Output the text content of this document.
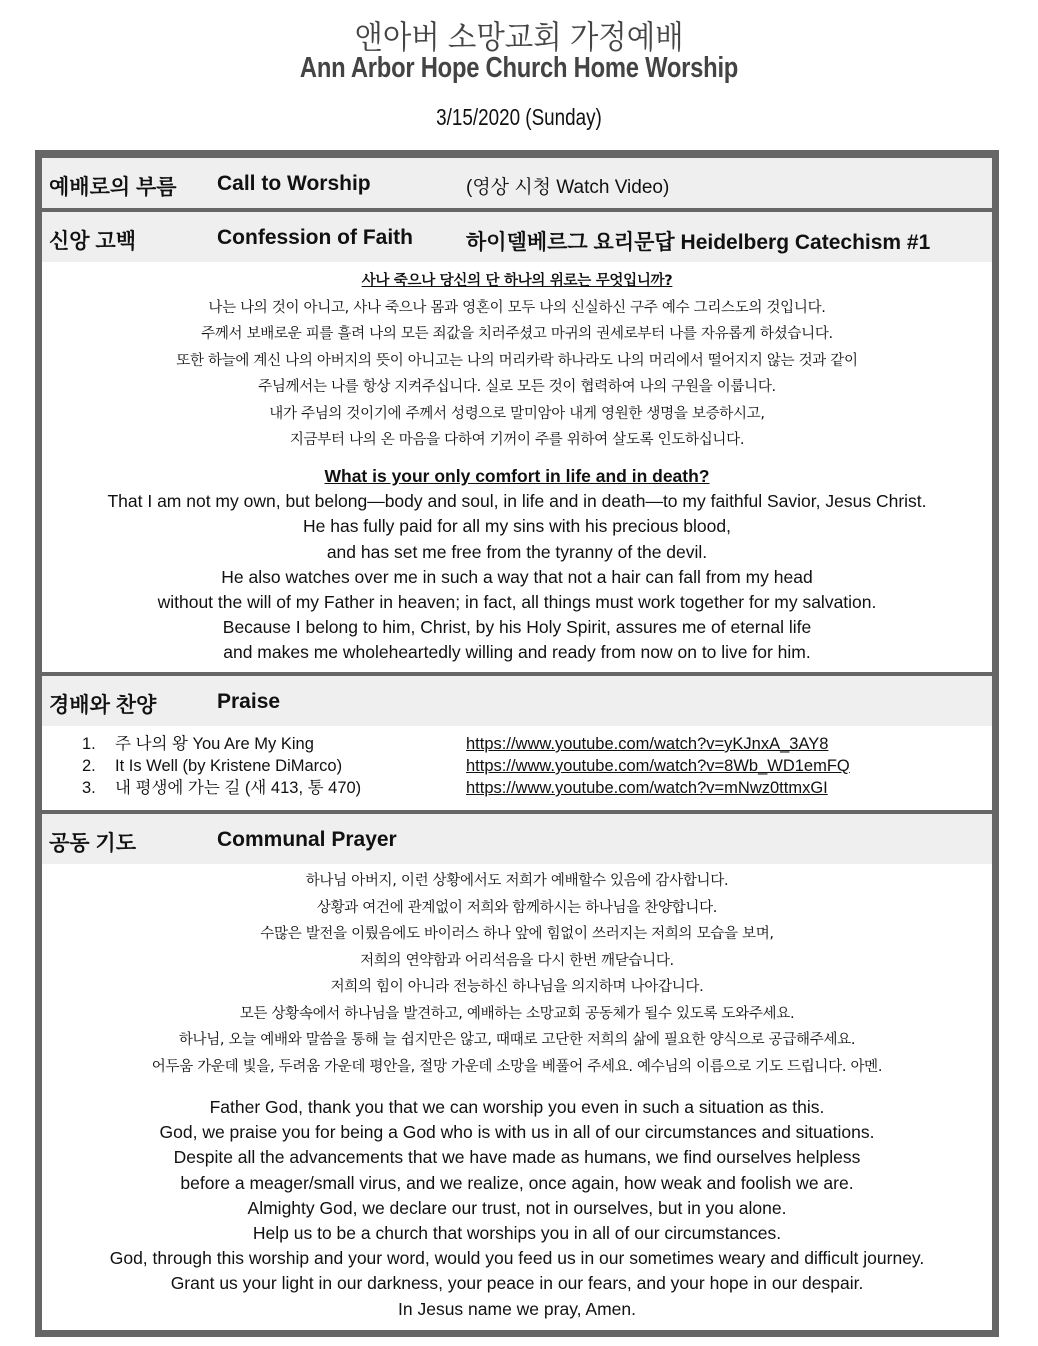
앤아버 소망교회 가정예배
Ann Arbor Hope Church Home Worship
3/15/2020 (Sunday)
예배로의 부름 Call to Worship	(영상 시청 Watch Video)
신앙 고백	Confession of Faith	하이델베르그 요리문답 Heidelberg Catechism #1
사나 죽으나 당신의 단 하나의 위로는 무엇입니까?
나는 나의 것이 아니고, 사나 죽으나 몸과 영혼이 모두 나의 신실하신 구주 예수 그리스도의 것입니다.
주께서 보배로운 피를 흘려 나의 모든 죄값을 치러주셨고 마귀의 권세로부터 나를 자유롭게 하셨습니다.
또한 하늘에 계신 나의 아버지의 뜻이 아니고는 나의 머리카락 하나라도 나의 머리에서 떨어지지 않는 것과 같이
주님께서는 나를 항상 지켜주십니다. 실로 모든 것이 협력하여 나의 구원을 이룹니다.
내가 주님의 것이기에 주께서 성령으로 말미암아 내게 영원한 생명을 보증하시고,
지금부터 나의 온 마음을 다하여 기꺼이 주를 위하여 살도록 인도하십니다.
What is your only comfort in life and in death?
That I am not my own, but belong—body and soul, in life and in death—to my faithful Savior, Jesus Christ.
He has fully paid for all my sins with his precious blood,
and has set me free from the tyranny of the devil.
He also watches over me in such a way that not a hair can fall from my head
without the will of my Father in heaven; in fact, all things must work together for my salvation.
Because I belong to him, Christ, by his Holy Spirit, assures me of eternal life
and makes me wholeheartedly willing and ready from now on to live for him.
경배와 찬양	Praise
1. 주 나의 왕 You Are My King	https://www.youtube.com/watch?v=yKJnxA_3AY8
2. It Is Well (by Kristene DiMarco)	https://www.youtube.com/watch?v=8Wb_WD1emFQ
3. 내 평생에 가는 길 (새 413, 통 470)	https://www.youtube.com/watch?v=mNwz0ttmxGI
공동 기도	Communal Prayer
하나님 아버지, 이런 상황에서도 저희가 예배할수 있음에 감사합니다.
상황과 여건에 관계없이 저희와 함께하시는 하나님을 찬양합니다.
수많은 발전을 이뤘음에도 바이러스 하나 앞에 힘없이 쓰러지는 저희의 모습을 보며,
저희의 연약함과 어리석음을 다시 한번 깨닫습니다.
저희의 힘이 아니라 전능하신 하나님을 의지하며 나아갑니다.
모든 상황속에서 하나님을 발견하고, 예배하는 소망교회 공동체가 될수 있도록 도와주세요.
하나님, 오늘 예배와 말씀을 통해 늘 쉽지만은 않고, 때때로 고단한 저희의 삶에 필요한 양식으로 공급해주세요.
어두움 가운데 빛을, 두려움 가운데 평안을, 절망 가운데 소망을 베풀어 주세요. 예수님의 이름으로 기도 드립니다. 아멘.
Father God, thank you that we can worship you even in such a situation as this.
God, we praise you for being a God who is with us in all of our circumstances and situations.
Despite all the advancements that we have made as humans, we find ourselves helpless
before a meager/small virus, and we realize, once again, how weak and foolish we are.
Almighty God, we declare our trust, not in ourselves, but in you alone.
Help us to be a church that worships you in all of our circumstances.
God, through this worship and your word, would you feed us in our sometimes weary and difficult journey.
Grant us your light in our darkness, your peace in our fears, and your hope in our despair.
In Jesus name we pray, Amen.
